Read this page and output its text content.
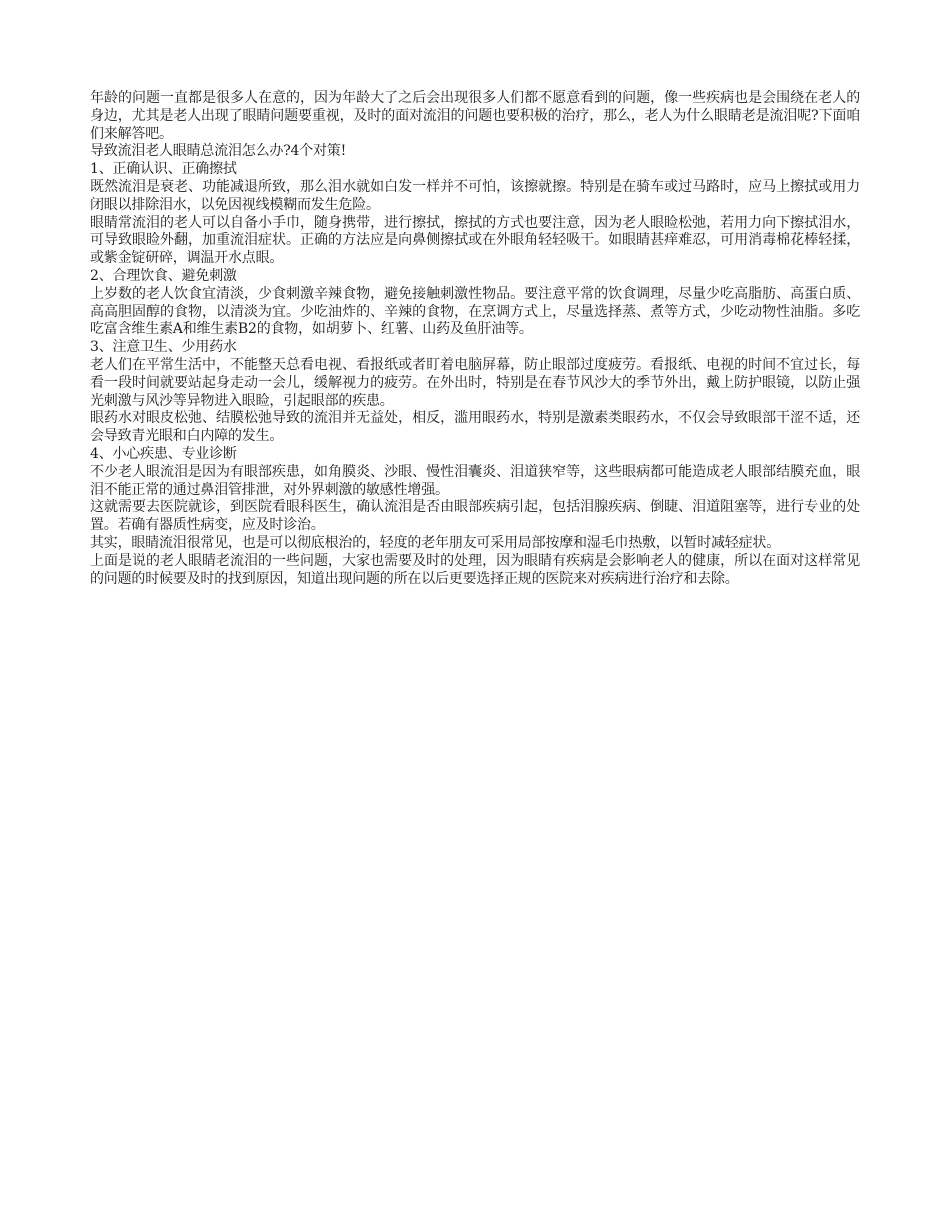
年龄的问题一直都是很多人在意的，因为年龄大了之后会出现很多人们都不愿意看到的问题，像一些疾病也是会围绕在老人的身边，尤其是老人出现了眼睛问题要重视，及时的面对流泪的问题也要积极的治疗，那么，老人为什么眼睛老是流泪呢?下面咱们来解答吧。

导致流泪老人眼睛总流泪怎么办?4个对策!

1、正确认识、正确擦拭

既然流泪是衰老、功能减退所致，那么泪水就如白发一样并不可怕，该擦就擦。特别是在骑车或过马路时，应马上擦拭或用力闭眼以排除泪水，以免因视线模糊而发生危险。

眼睛常流泪的老人可以自备小手巾，随身携带，进行擦拭，擦拭的方式也要注意，因为老人眼睑松弛，若用力向下擦拭泪水，可导致眼睑外翻，加重流泪症状。正确的方法应是向鼻侧擦拭或在外眼角轻轻吸干。如眼睛甚痒难忍，可用消毒棉花棒轻揉，或紫金锭研碎，调温开水点眼。

2、合理饮食、避免刺激

上岁数的老人饮食宜清淡，少食刺激辛辣食物，避免接触刺激性物品。要注意平常的饮食调理，尽量少吃高脂肪、高蛋白质、高高胆固醇的食物，以清淡为宜。少吃油炸的、辛辣的食物，在烹调方式上，尽量选择蒸、煮等方式，少吃动物性油脂。多吃吃富含维生素A和维生素B2的食物，如胡萝卜、红薯、山药及鱼肝油等。

3、注意卫生、少用药水

老人们在平常生活中，不能整天总看电视、看报纸或者盯着电脑屏幕，防止眼部过度疲劳。看报纸、电视的时间不宜过长，每看一段时间就要站起身走动一会儿，缓解视力的疲劳。在外出时，特别是在春节风沙大的季节外出，戴上防护眼镜，以防止强光刺激与风沙等异物进入眼睑，引起眼部的疾患。

眼药水对眼皮松弛、结膜松弛导致的流泪并无益处，相反，滥用眼药水，特别是激素类眼药水，不仅会导致眼部干涩不适，还会导致青光眼和白内障的发生。

4、小心疾患、专业诊断

不少老人眼流泪是因为有眼部疾患，如角膜炎、沙眼、慢性泪囊炎、泪道狭窄等，这些眼病都可能造成老人眼部结膜充血，眼泪不能正常的通过鼻泪管排泄，对外界刺激的敏感性增强。

这就需要去医院就诊，到医院看眼科医生，确认流泪是否由眼部疾病引起，包括泪腺疾病、倒睫、泪道阻塞等，进行专业的处置。若确有器质性病变，应及时诊治。

其实，眼睛流泪很常见，也是可以彻底根治的，轻度的老年朋友可采用局部按摩和湿毛巾热敷，以暂时减轻症状。

上面是说的老人眼睛老流泪的一些问题，大家也需要及时的处理，因为眼睛有疾病是会影响老人的健康，所以在面对这样常见的问题的时候要及时的找到原因，知道出现问题的所在以后更要选择正规的医院来对疾病进行治疗和去除。
